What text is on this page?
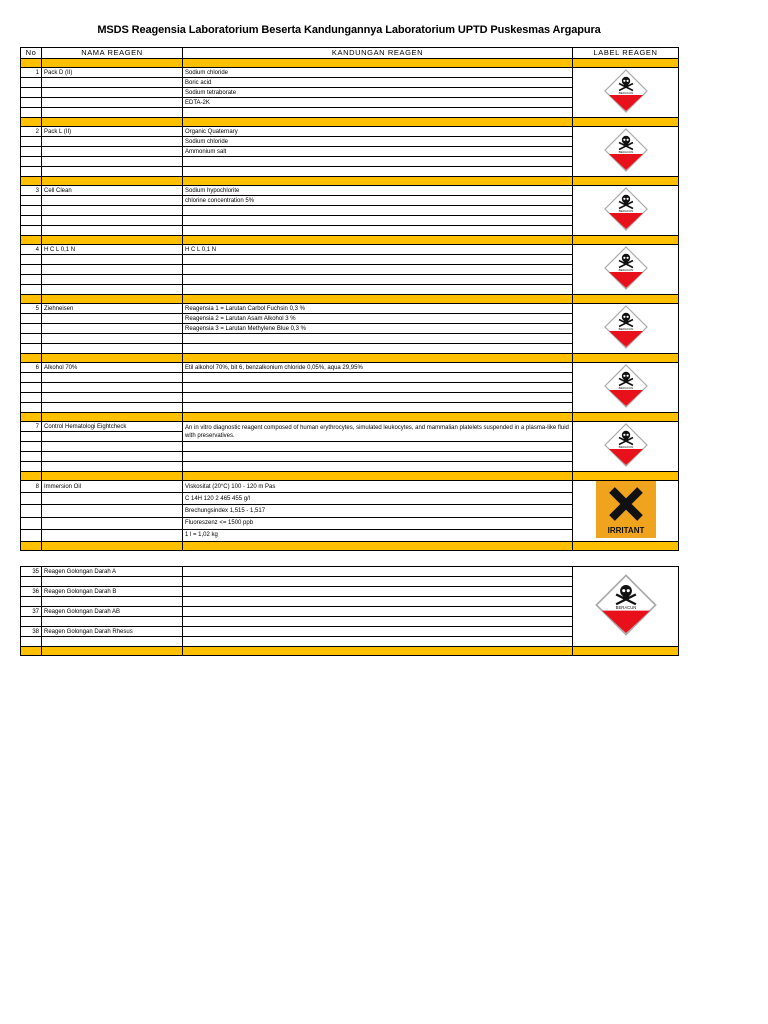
MSDS Reagensia Laboratorium Beserta Kandungannya Laboratorium UPTD Puskesmas Argapura
No	NAMA REAGEN	KANDUNGAN REAGEN	LABEL REAGEN

1	Pack D (II)	Sodium chloride	BERACUN

		Boric acid	
		Sodium tetraborate	
		EDTA-2K	

2	Pack L (II)	Organic Quaternary	BERACUN

		Sodium chloride	
		Ammonium salt	

3	Cell Clean	Sodium hypochlorite	BERACUN

		chlorine concentration 5%	

4	H C L 0,1 N	H C L 0,1 N	BERACUN

5	Ziehneisen	Reagensia 1 = Larutan Carbol Fuchsin 0,3 %	BERACUN

		Reagensia 2 = Larutan Asam Alkohol 3 %	
		Reagensia 3 = Larutan Methylene Blue 0,3 %	

6	Alkohol 70%	Etil alkohol 70%, bit 6, benzalkonium chloride 0,05%, aqua 29,95%	BERACUN

7	Control Hematologi Eightcheck	An in vitro diagnostic reagent composed of human erythrocytes, simulated leukocytes, and mammalian platelets suspended in a plasma-like fluid with preservatives.	BERACUN

8	Immersion Oil	Viskositat (20°C) 100 - 120 m Pas	IRRITANT

		C 14H 120 2 465 455 g/l	
		Brechungsindex 1,515 - 1,517	
		Fluoreszenz <= 1500 ppb	
		1 l = 1,02 kg	

35	Reagen Golongan Darah A		BERACUN

36	Reagen Golongan Darah B		

37	Reagen Golongan Darah AB		

38	Reagen Golongan Darah Rhesus		
